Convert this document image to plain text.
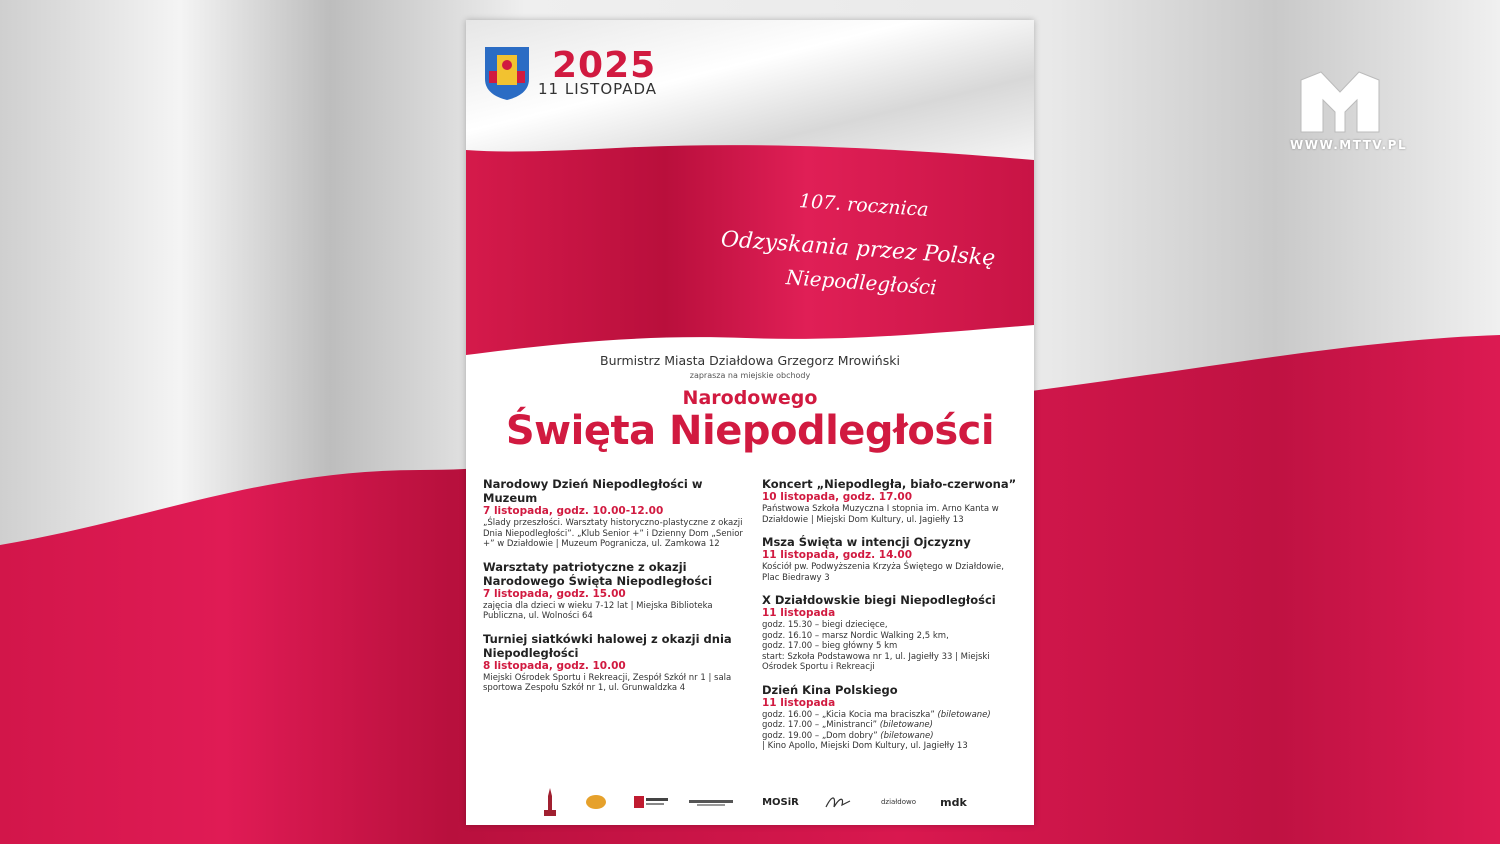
WWW.MTTV.PL
2025
11 LISTOPADA
107. rocznica
Odzyskania przez Polskę
Niepodległości
Burmistrz Miasta Działdowa Grzegorz Mrowiński
zaprasza na miejskie obchody
Narodowego
Święta Niepodległości
Narodowy Dzień Niepodległości w Muzeum
7 listopada, godz. 10.00-12.00
„Ślady przeszłości. Warsztaty historyczno-plastyczne z okazji Dnia Niepodległości”. „Klub Senior +” i Dzienny Dom „Senior +” w Działdowie | Muzeum Pogranicza, ul. Zamkowa 12
Warsztaty patriotyczne z okazji Narodowego Święta Niepodległości
7 listopada, godz. 15.00
zajęcia dla dzieci w wieku 7-12 lat | Miejska Biblioteka Publiczna, ul. Wolności 64
Turniej siatkówki halowej z okazji dnia Niepodległości
8 listopada, godz. 10.00
Miejski Ośrodek Sportu i Rekreacji, Zespół Szkół nr 1 | sala sportowa Zespołu Szkół nr 1, ul. Grunwaldzka 4
Koncert „Niepodległa, biało-czerwona”
10 listopada, godz. 17.00
Państwowa Szkoła Muzyczna I stopnia im. Arno Kanta w Działdowie | Miejski Dom Kultury, ul. Jagiełły 13
Msza Święta w intencji Ojczyzny
11 listopada, godz. 14.00
Kościół pw. Podwyższenia Krzyża Świętego w Działdowie, Plac Biedrawy 3
X Działdowskie biegi Niepodległości
11 listopada
godz. 15.30 – biegi dziecięce,
godz. 16.10 – marsz Nordic Walking 2,5 km,
godz. 17.00 – bieg główny 5 km
start: Szkoła Podstawowa nr 1, ul. Jagiełły 33 | Miejski Ośrodek Sportu i Rekreacji
Dzień Kina Polskiego
11 listopada
godz. 16.00 – „Kicia Kocia ma braciszka” (biletowane)
godz. 17.00 – „Ministranci” (biletowane)
godz. 19.00 – „Dom dobry” (biletowane)
| Kino Apollo, Miejski Dom Kultury, ul. Jagiełły 13
MOSiR	działdowo	mdk
